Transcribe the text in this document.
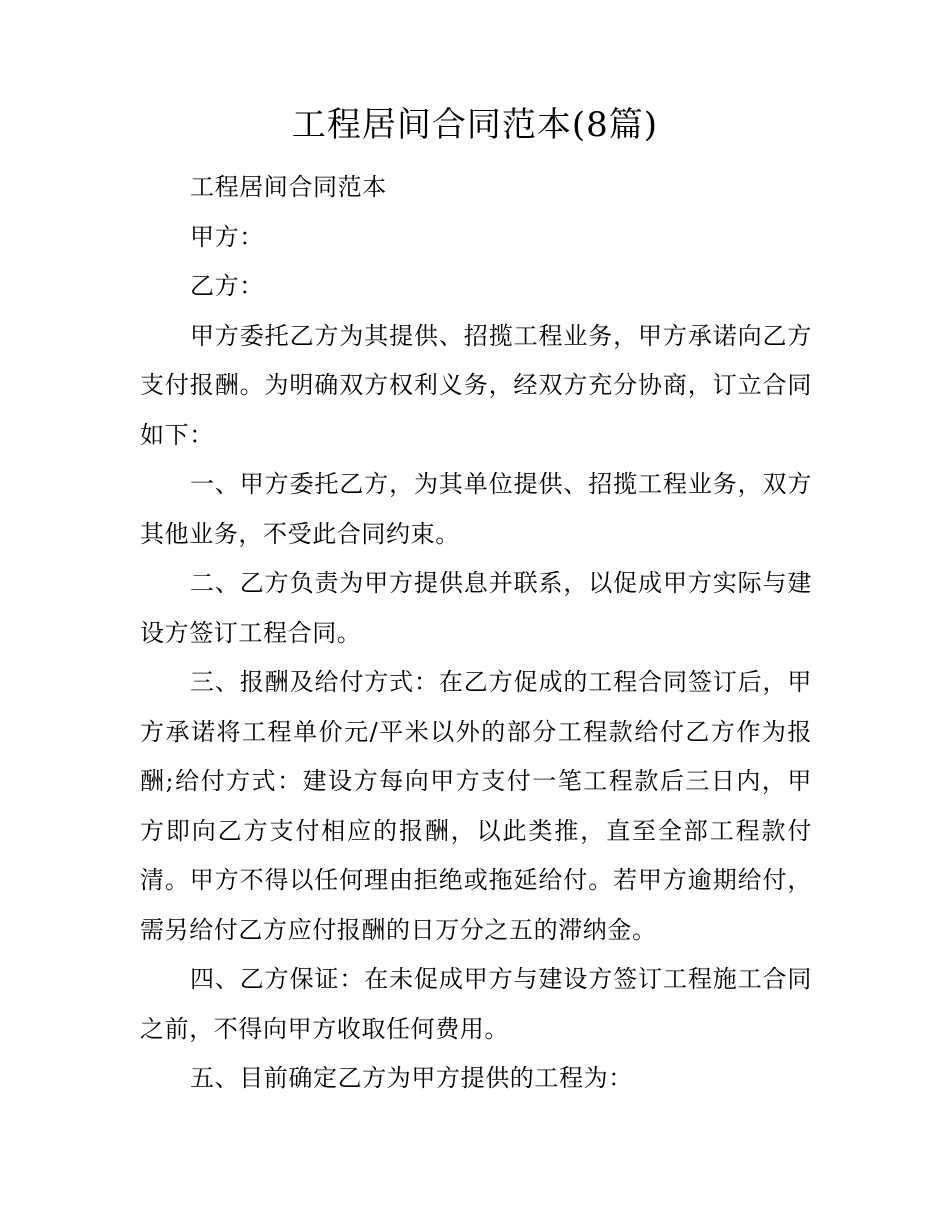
工程居间合同范本(8篇)

工程居间合同范本

甲方：

乙方：

甲方委托乙方为其提供、招揽工程业务，甲方承诺向乙方支付报酬。为明确双方权利义务，经双方充分协商，订立合同如下：

一、甲方委托乙方，为其单位提供、招揽工程业务，双方其他业务，不受此合同约束。

二、乙方负责为甲方提供息并联系，以促成甲方实际与建设方签订工程合同。

三、报酬及给付方式：在乙方促成的工程合同签订后，甲方承诺将工程单价元/平米以外的部分工程款给付乙方作为报酬;给付方式：建设方每向甲方支付一笔工程款后三日内，甲方即向乙方支付相应的报酬，以此类推，直至全部工程款付清。甲方不得以任何理由拒绝或拖延给付。若甲方逾期给付，需另给付乙方应付报酬的日万分之五的滞纳金。

四、乙方保证：在未促成甲方与建设方签订工程施工合同之前，不得向甲方收取任何费用。

五、目前确定乙方为甲方提供的工程为：
